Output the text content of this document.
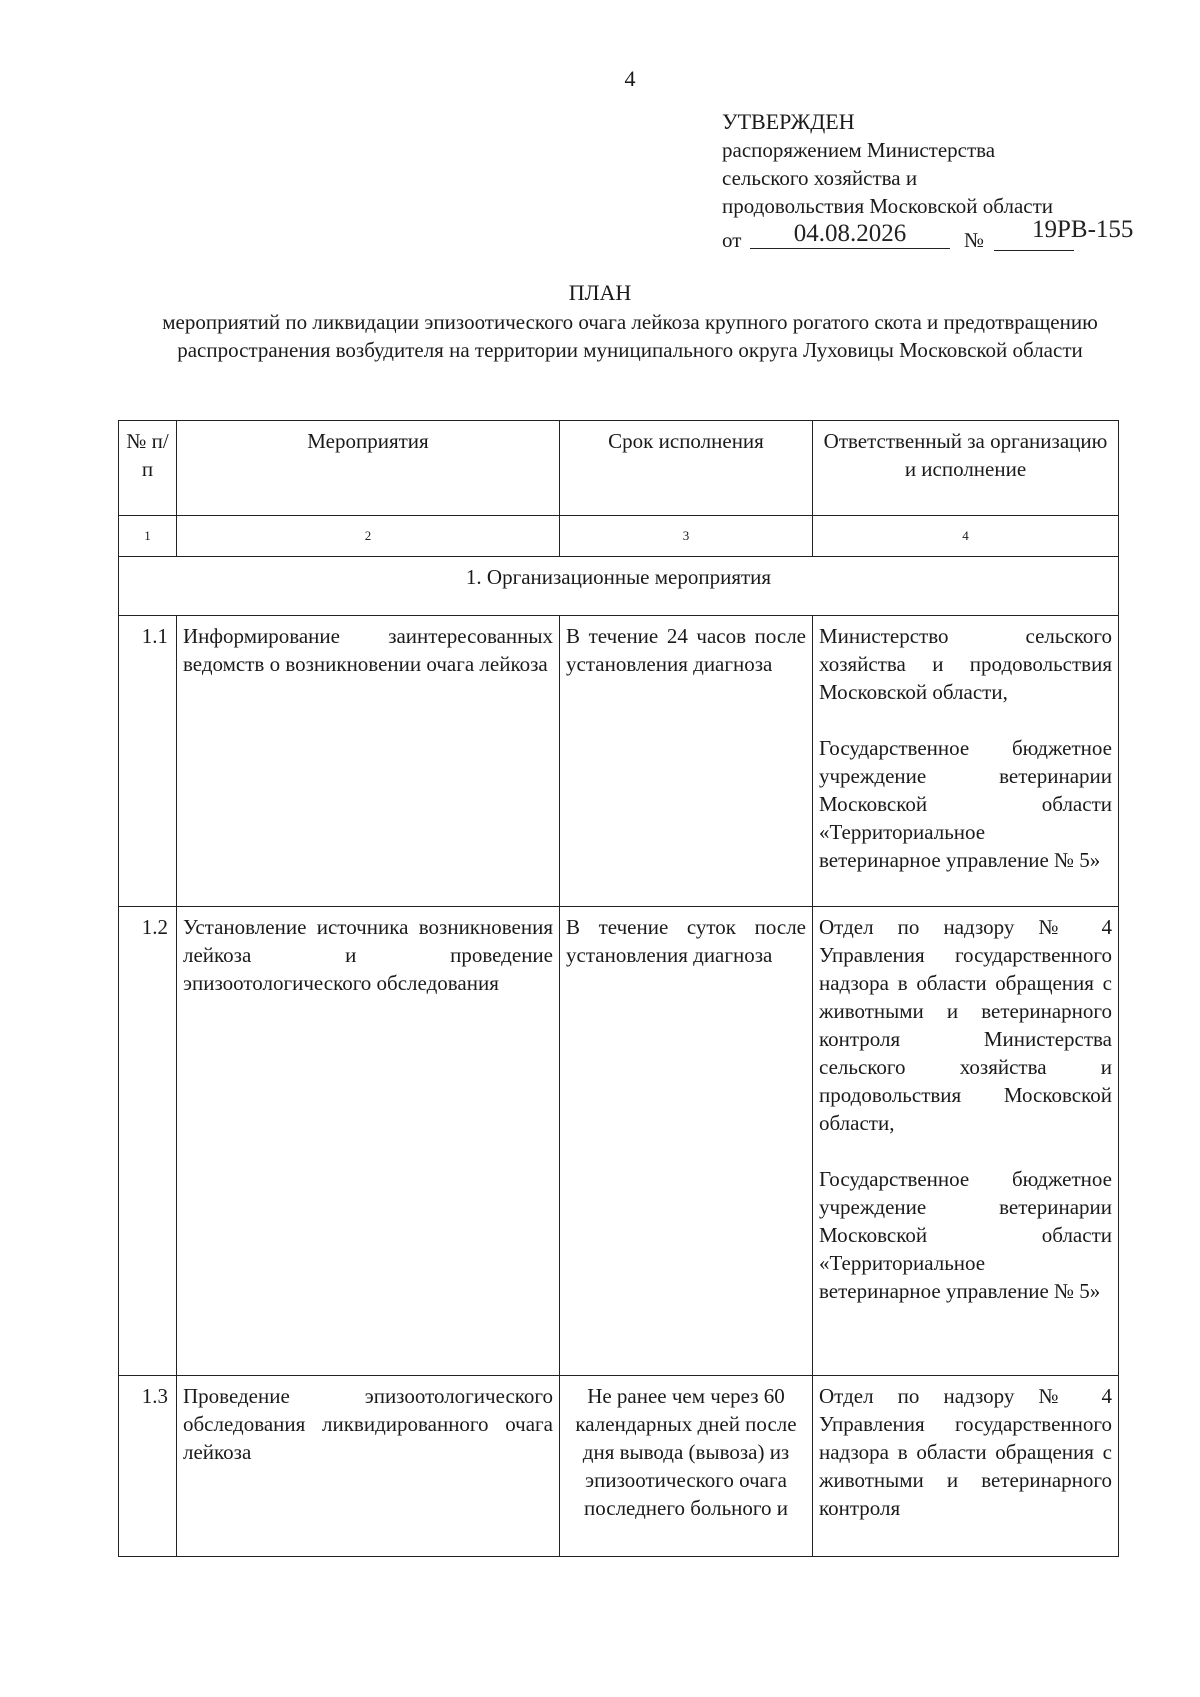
4
УТВЕРЖДЕН
распоряжением Министерства
сельского хозяйства и
продовольствия Московской области
от	04.08.2026	№ 19РВ-155
ПЛАН
мероприятий по ликвидации эпизоотического очага лейкоза крупного рогатого скота и предотвращению распространения возбудителя на территории муниципального округа Луховицы Московской области
№ п/п	Мероприятия	Срок исполнения	Ответственный за организацию и исполнение
1	2	3	4
1. Организационные мероприятия			
1.1	Информирование заинтересованных ведомств о возникновении очага лейкоза	В течение 24 часов после установления диагноза	Министерство сельского хозяйства и продовольствия Московской области,
Государственное бюджетное учреждение ветеринарии Московской области «Территориальное ветеринарное управление № 5»
1.2	Установление источника возникновения лейкоза и проведение эпизоотологического обследования	В течение суток после установления диагноза	Отдел по надзору № 4 Управления государственного надзора в области обращения с животными и ветеринарного контроля Министерства сельского хозяйства и продовольствия Московской области,
Государственное бюджетное учреждение ветеринарии Московской области «Территориальное ветеринарное управление № 5»
1.3	Проведение эпизоотологического обследования ликвидированного очага лейкоза	Не ранее чем через 60 календарных дней после дня вывода (вывоза) из эпизоотического очага последнего больного и	Отдел по надзору № 4 Управления государственного надзора в области обращения с животными и ветеринарного контроля
